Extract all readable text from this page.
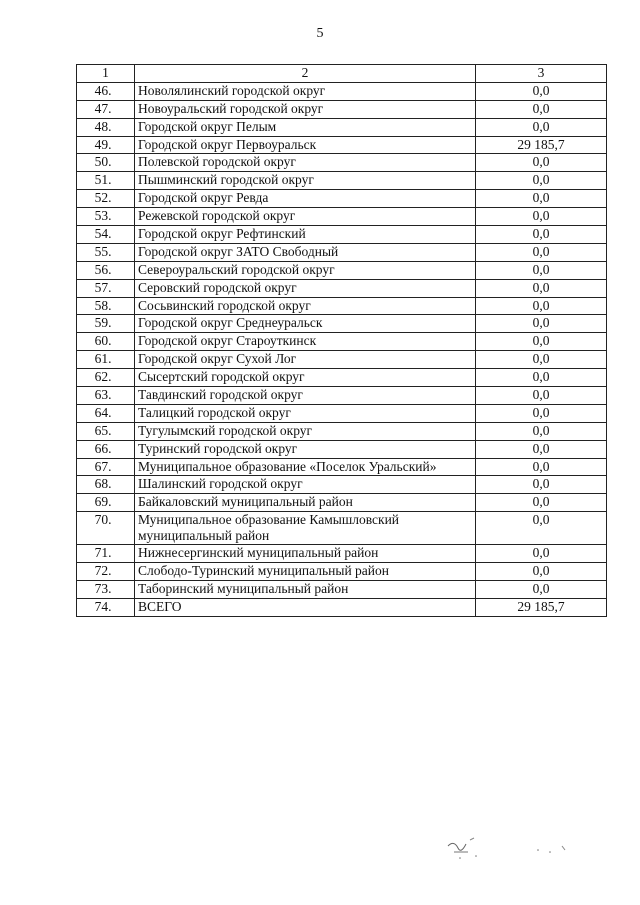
5
1	2	3
46.	Новолялинский городской округ	0,0
47.	Новоуральский городской округ	0,0
48.	Городской округ Пелым	0,0
49.	Городской округ Первоуральск	29 185,7
50.	Полевской городской округ	0,0
51.	Пышминский городской округ	0,0
52.	Городской округ Ревда	0,0
53.	Режевской городской округ	0,0
54.	Городской округ Рефтинский	0,0
55.	Городской округ ЗАТО Свободный	0,0
56.	Североуральский городской округ	0,0
57.	Серовский городской округ	0,0
58.	Сосьвинский городской округ	0,0
59.	Городской округ Среднеуральск	0,0
60.	Городской округ Староуткинск	0,0
61.	Городской округ Сухой Лог	0,0
62.	Сысертский городской округ	0,0
63.	Тавдинский городской округ	0,0
64.	Талицкий городской округ	0,0
65.	Тугулымский городской округ	0,0
66.	Туринский городской округ	0,0
67.	Муниципальное образование «Поселок Уральский»	0,0
68.	Шалинский городской округ	0,0
69.	Байкаловский муниципальный район	0,0
70.	Муниципальное образование Камышловский муниципальный район	0,0
71.	Нижнесергинский муниципальный район	0,0
72.	Слободо-Туринский муниципальный район	0,0
73.	Таборинский муниципальный район	0,0
74.	ВСЕГО	29 185,7
